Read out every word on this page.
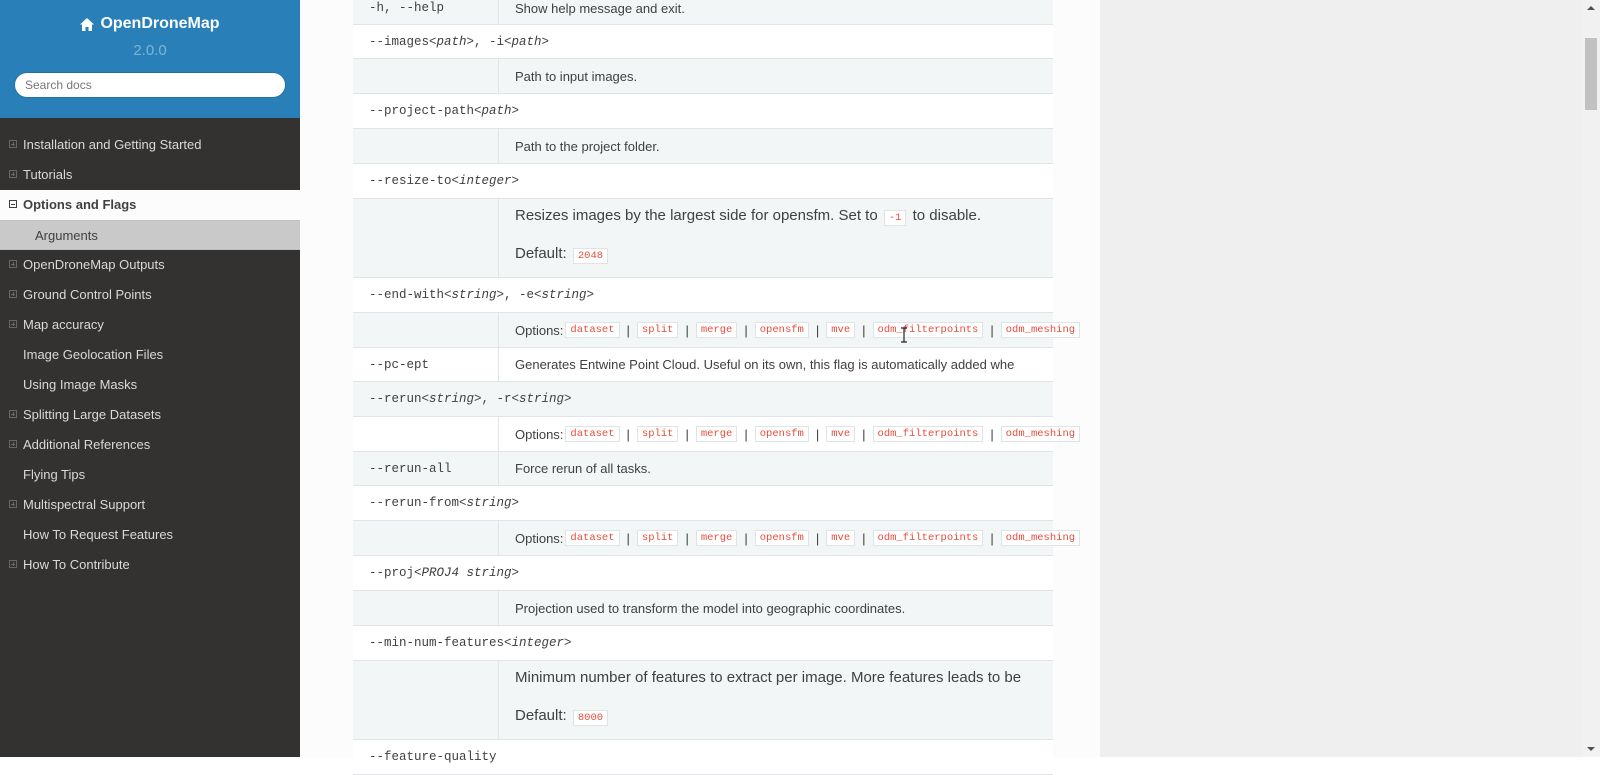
OpenDroneMap
2.0.0
Search docs
Installation and Getting Started
Tutorials
Options and Flags
Arguments
OpenDroneMap Outputs
Ground Control Points
Map accuracy
Image Geolocation Files
Using Image Masks
Splitting Large Datasets
Additional References
Flying Tips
Multispectral Support
How To Request Features
How To Contribute
-h, --help	Show help message and exit.
--images <path> , -i <path>
Path to input images.
--project-path <path>
Path to the project folder.
--resize-to <integer>
Resizes images by the largest side for opensfm. Set to -1 to disable.
Default: 2048
--end-with <string> , -e <string>
Options: dataset |	split |	merge |	opensfm |	mve |	odm_filterpoints |	odm_meshing
--pc-ept	Generates Entwine Point Cloud. Useful on its own, this flag is automatically added whe
--rerun <string> , -r <string>
Options: dataset |	split |	merge |	opensfm |	mve |	odm_filterpoints |	odm_meshing
--rerun-all	Force rerun of all tasks.
--rerun-from <string>
Options: dataset |	split |	merge |	opensfm |	mve |	odm_filterpoints |	odm_meshing
--proj <PROJ4 string>
Projection used to transform the model into geographic coordinates.
--min-num-features <integer>
Minimum number of features to extract per image. More features leads to be
Default: 8000
--feature-quality
